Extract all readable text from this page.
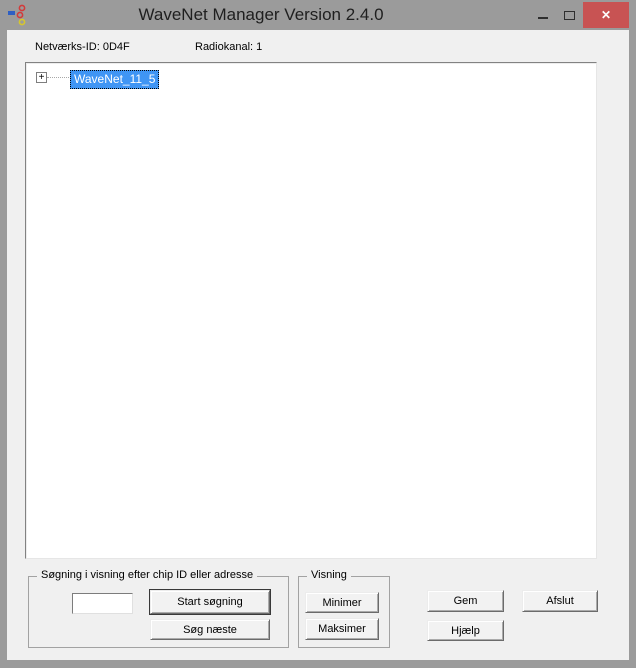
WaveNet Manager Version 2.4.0	✕
Netværks-ID: 0D4F	Radiokanal: 1
+	WaveNet_11_5
Søgning i visning efter chip ID eller adresse
Start søgning
Søg næste
Visning
Minimer
Maksimer
Gem	Afslut
Hjælp
